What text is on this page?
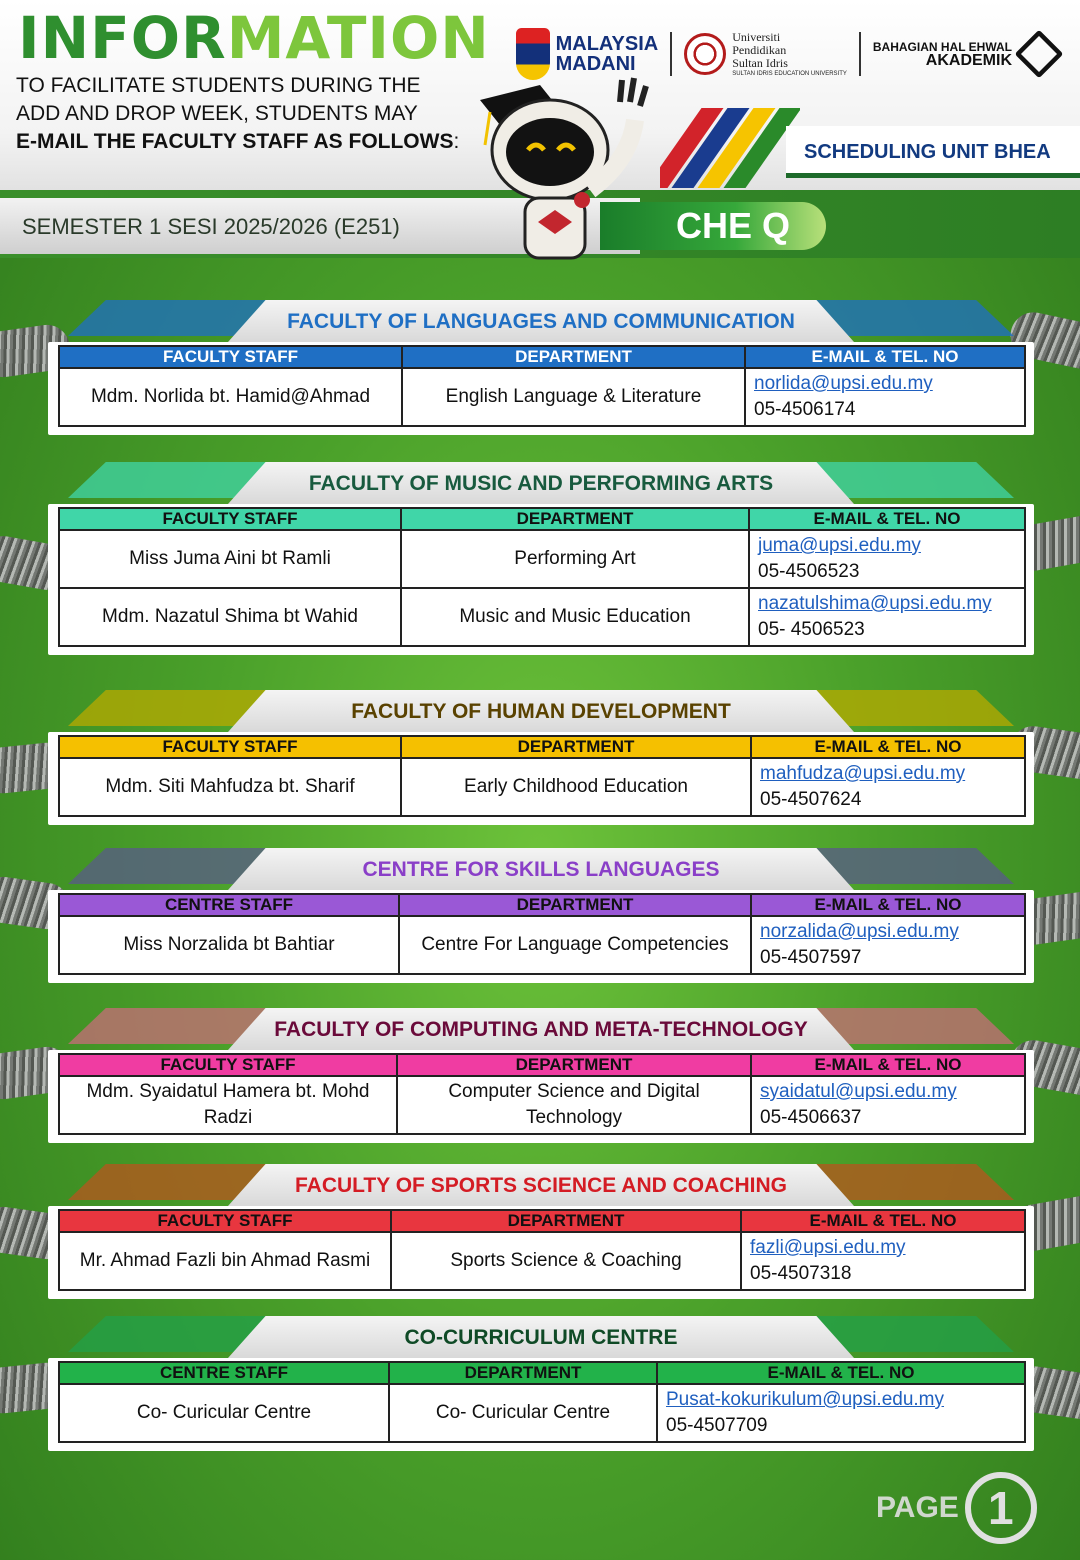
INFORMATION
TO FACILITATE STUDENTS DURING THE
ADD AND DROP WEEK, STUDENTS MAY
E-MAIL THE FACULTY STAFF AS FOLLOWS:
MALAYSIA
MADANI
Universiti
Pendidikan
Sultan Idris
SULTAN IDRIS EDUCATION UNIVERSITY
BAHAGIAN HAL EHWAL
AKADEMIK
SCHEDULING UNIT BHEA
SEMESTER 1 SESI 2025/2026 (E251)	CHE Q
FACULTY OF LANGUAGES AND COMMUNICATION
FACULTY STAFF	DEPARTMENT	E-MAIL & TEL. NO
Mdm. Norlida bt. Hamid@Ahmad	English Language & Literature	norlida@upsi.edu.my
05-4506174
FACULTY OF MUSIC AND PERFORMING ARTS
FACULTY STAFF	DEPARTMENT	E-MAIL & TEL. NO
Miss Juma Aini bt Ramli	Performing Art	juma@upsi.edu.my
05-4506523

Mdm. Nazatul Shima bt Wahid	Music and Music Education	nazatulshima@upsi.edu.my
05- 4506523
FACULTY OF HUMAN DEVELOPMENT
FACULTY STAFF	DEPARTMENT	E-MAIL & TEL. NO
Mdm. Siti Mahfudza bt. Sharif	Early Childhood Education	mahfudza@upsi.edu.my
05-4507624
CENTRE FOR SKILLS LANGUAGES
CENTRE STAFF	DEPARTMENT	E-MAIL & TEL. NO
Miss Norzalida bt Bahtiar	Centre For Language Competencies	norzalida@upsi.edu.my
05-4507597
FACULTY OF COMPUTING AND META-TECHNOLOGY
FACULTY STAFF	DEPARTMENT	E-MAIL & TEL. NO
Mdm. Syaidatul Hamera bt. Mohd Radzi	Computer Science and Digital Technology	syaidatul@upsi.edu.my
05-4506637
FACULTY OF SPORTS SCIENCE AND COACHING
FACULTY STAFF	DEPARTMENT	E-MAIL & TEL. NO
Mr. Ahmad Fazli bin Ahmad Rasmi	Sports Science & Coaching	fazli@upsi.edu.my
05-4507318
CO-CURRICULUM CENTRE
CENTRE STAFF	DEPARTMENT	E-MAIL & TEL. NO
Co- Curicular Centre	Co- Curicular Centre	Pusat-kokurikulum@upsi.edu.my
05-4507709
PAGE 1
